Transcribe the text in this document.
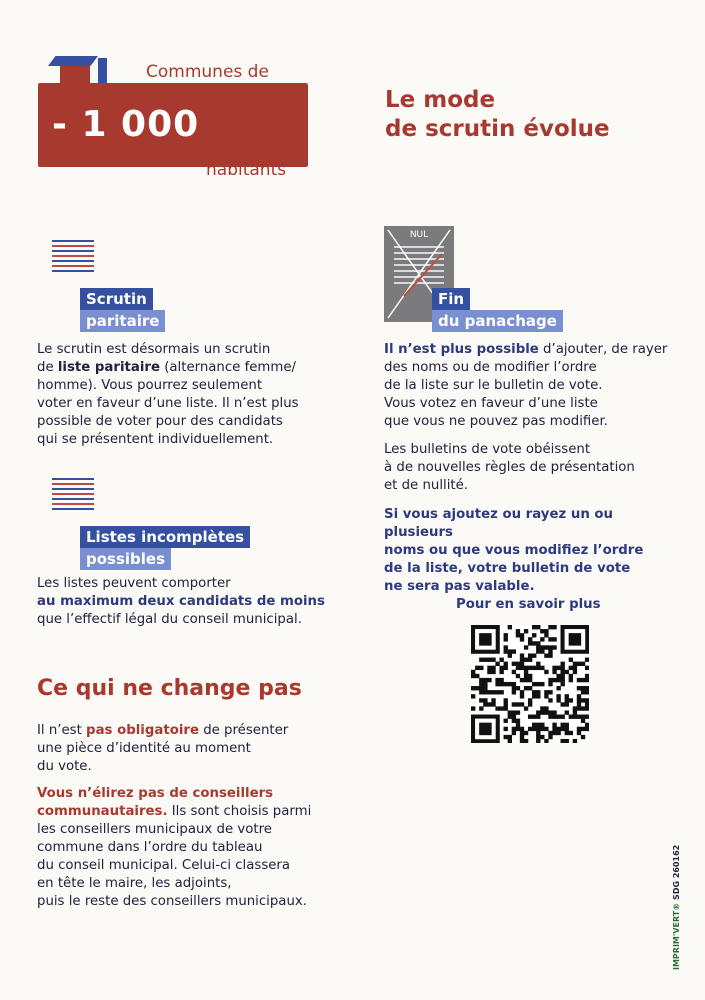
Communes de
- 1 000
habitants
Le mode
de scrutin évolue
Scrutin
paritaire
Le scrutin est désormais un scrutin
de liste paritaire (alternance femme/
homme). Vous pourrez seulement
voter en faveur d’une liste. Il n’est plus
possible de voter pour des candidats
qui se présentent individuellement.
Listes incomplètes
possibles
Les listes peuvent comporter
au maximum deux candidats de moins
que l’effectif légal du conseil municipal.
Ce qui ne change pas
Il n’est pas obligatoire de présenter
une pièce d’identité au moment
du vote.
Vous n’élirez pas de conseillers
communautaires. Ils sont choisis parmi
les conseillers municipaux de votre
commune dans l’ordre du tableau
du conseil municipal. Celui-ci classera
en tête le maire, les adjoints,
puis le reste des conseillers municipaux.
NUL
Fin
du panachage
Il n’est plus possible d’ajouter, de rayer
des noms ou de modifier l’ordre
de la liste sur le bulletin de vote.
Vous votez en faveur d’une liste
que vous ne pouvez pas modifier.
Les bulletins de vote obéissent
à de nouvelles règles de présentation
et de nullité.
Si vous ajoutez ou rayez un ou plusieurs
noms ou que vous modifiez l’ordre
de la liste, votre bulletin de vote
ne sera pas valable.
Pour en savoir plus
IMPRIM'VERT® SDG 260162
